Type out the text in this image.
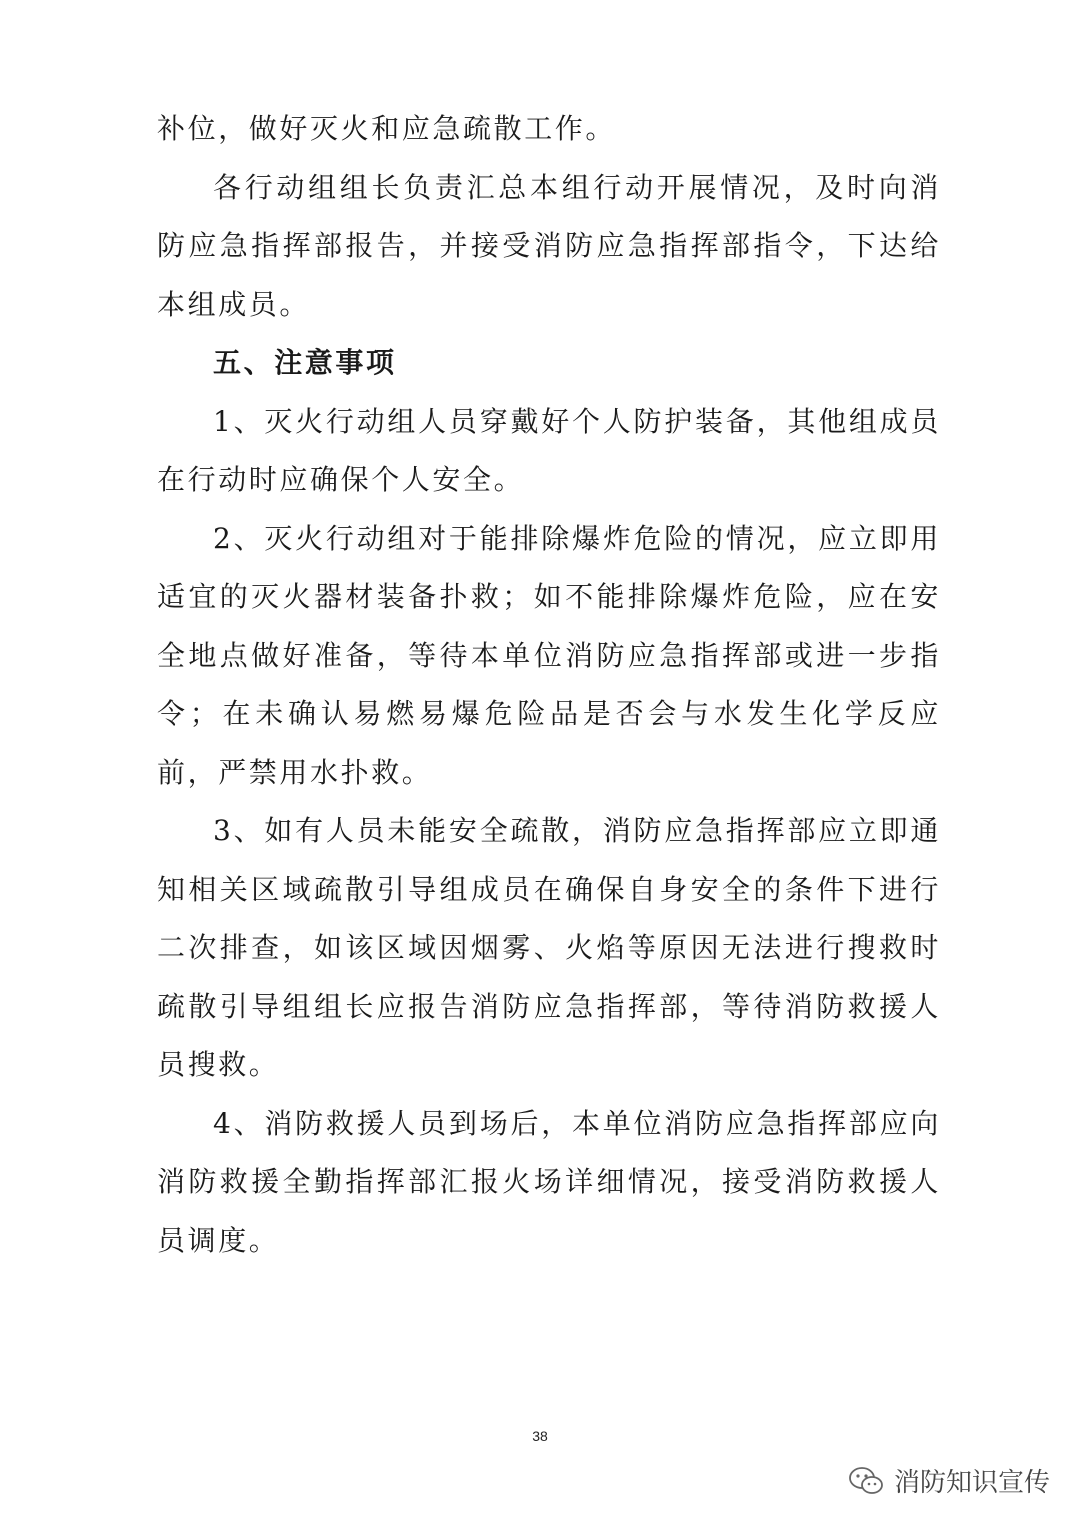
补位，做好灭火和应急疏散工作。

各行动组组长负责汇总本组行动开展情况，及时向消防应急指挥部报告，并接受消防应急指挥部指令，下达给本组成员。

五、注意事项

1、灭火行动组人员穿戴好个人防护装备，其他组成员在行动时应确保个人安全。

2、灭火行动组对于能排除爆炸危险的情况，应立即用适宜的灭火器材装备扑救；如不能排除爆炸危险，应在安全地点做好准备，等待本单位消防应急指挥部或进一步指令；在未确认易燃易爆危险品是否会与水发生化学反应前，严禁用水扑救。

3、如有人员未能安全疏散，消防应急指挥部应立即通知相关区域疏散引导组成员在确保自身安全的条件下进行二次排查，如该区域因烟雾、火焰等原因无法进行搜救时疏散引导组组长应报告消防应急指挥部，等待消防救援人员搜救。

4、消防救援人员到场后，本单位消防应急指挥部应向消防救援全勤指挥部汇报火场详细情况，接受消防救援人员调度。

38
消防知识宣传
